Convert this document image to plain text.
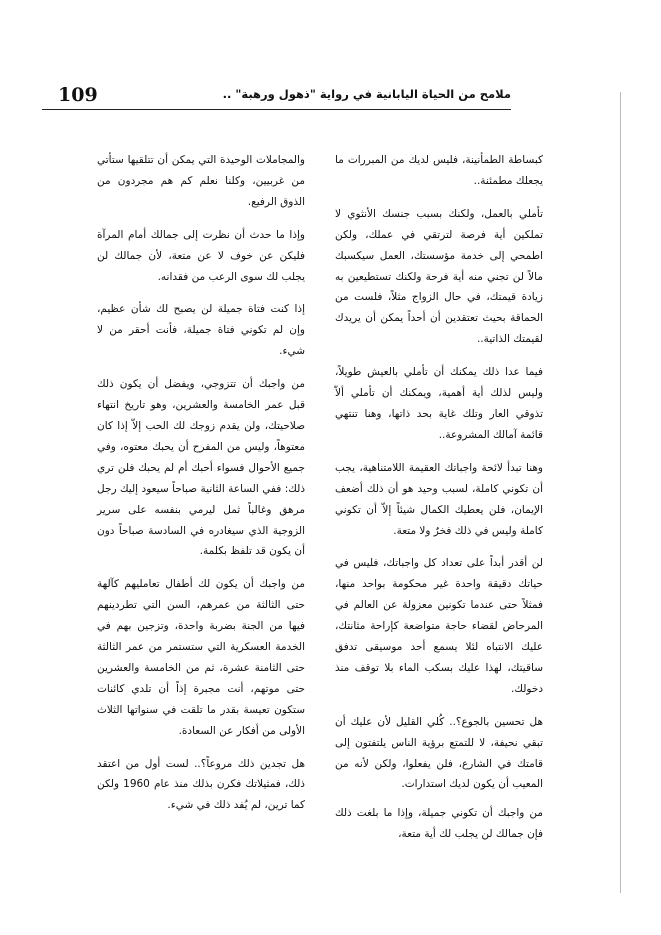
109	ملامح من الحياة اليابانية في رواية "ذهول ورهبة" ..

كبساطة الطمأنينة، فليس لديك من المبررات ما يجعلك مطمئنة..

تأملي بالعمل، ولكنك بسبب جنسك الأنثوي لا تملكين أية فرصة لترتقي في عملك، ولكن اطمحي إلى خدمة مؤسستك، العمل سيكسبك مالاً لن تجني منه أية فرحة ولكنك تستطيعين به زيادة قيمتك، في حال الزواج مثلاً، فلست من الحماقة بحيث تعتقدين أن أحداً يمكن أن يريدك لقيمتك الذاتية..

فيما عدا ذلك يمكنك أن تأملي بالعيش طويلاً، وليس لذلك أية أهمية، ويمكنك أن تأملي ألاّ تذوقي العار وتلك غاية بحد ذاتها، وهنا تنتهي قائمة آمالك المشروعة..

وهنا تبدأ لائحة واجباتك العقيمة اللامتناهية، يجب أن تكوني كاملة، لسبب وحيد هو أن ذلك أضعف الإيمان، فلن يعطيك الكمال شيئاً إلاّ أن تكوني كاملة وليس في ذلك فخرٌ ولا متعة.

لن أقدر أبداً على تعداد كل واجباتك، فليس في حياتك دقيقة واحدة غير محكومة بواحد منها، فمثلاً حتى عندما تكونين معزولة عن العالم في المرحاض لقضاء حاجة متواضعة كإراحة مثانتك، عليك الانتباه لئلا يسمع أحد موسيقى تدفق ساقيتك، لهذا عليك بسكب الماء بلا توقف منذ دخولك.

هل تحسين بالجوع؟.. كُلي القليل لأن عليك أن تبقي نحيفة، لا للتمتع برؤية الناس يلتفتون إلى قامتك في الشارع، فلن يفعلوا، ولكن لأنه من المعيب أن يكون لديك استدارات.

من واجبك أن تكوني جميلة، وإذا ما بلغت ذلك فإن جمالك لن يجلب لك أية متعة،

والمجاملات الوحيدة التي يمكن أن تتلقيها ستأتي من غربيين، وكلنا نعلم كم هم مجردون من الذوق الرفيع.

وإذا ما حدث أن نظرت إلى جمالك أمام المرآة فليكن عن خوف لا عن متعة، لأن جمالك لن يجلب لك سوى الرعب من فقدانه.

إذا كنت فتاة جميلة لن يصبح لك شأن عظيم، وإن لم تكوني فتاة جميلة، فأنت أحقر من لا شيء.

من واجبك أن تتزوجي، ويفضل أن يكون ذلك قبل عمر الخامسة والعشرين، وهو تاريخ انتهاء صلاحيتك، ولن يقدم زوجك لك الحب إلاّ إذا كان معتوهاً، وليس من المفرح أن يحبك معتوه، وفي جميع الأحوال فسواء أحبك أم لم يحبك فلن تري ذلك: ففي الساعة الثانية صباحاً سيعود إليك رجل مرهق وغالباً ثمل ليرمي بنفسه على سرير الزوجية الذي سيغادره في السادسة صباحاً دون أن يكون قد تلفظ بكلمة.

من واجبك أن يكون لك أطفال تعامليهم كآلهة حتى الثالثة من عمرهم، السن التي تطردينهم فيها من الجنة بضربة واحدة، وتزجين بهم في الخدمة العسكرية التي ستستمر من عمر الثالثة حتى الثامنة عشرة، ثم من الخامسة والعشرين حتى موتهم، أنت مجبرة إذاً أن تلدي كائنات ستكون تعيسة بقدر ما تلقت في سنواتها الثلاث الأولى من أفكار عن السعادة.

هل تجدين ذلك مروعاً؟.. لست أول من اعتقد ذلك، فمثيلاتك فكرن بذلك منذ عام 1960 ولكن كما ترين، لم يُفد ذلك في شيء.
